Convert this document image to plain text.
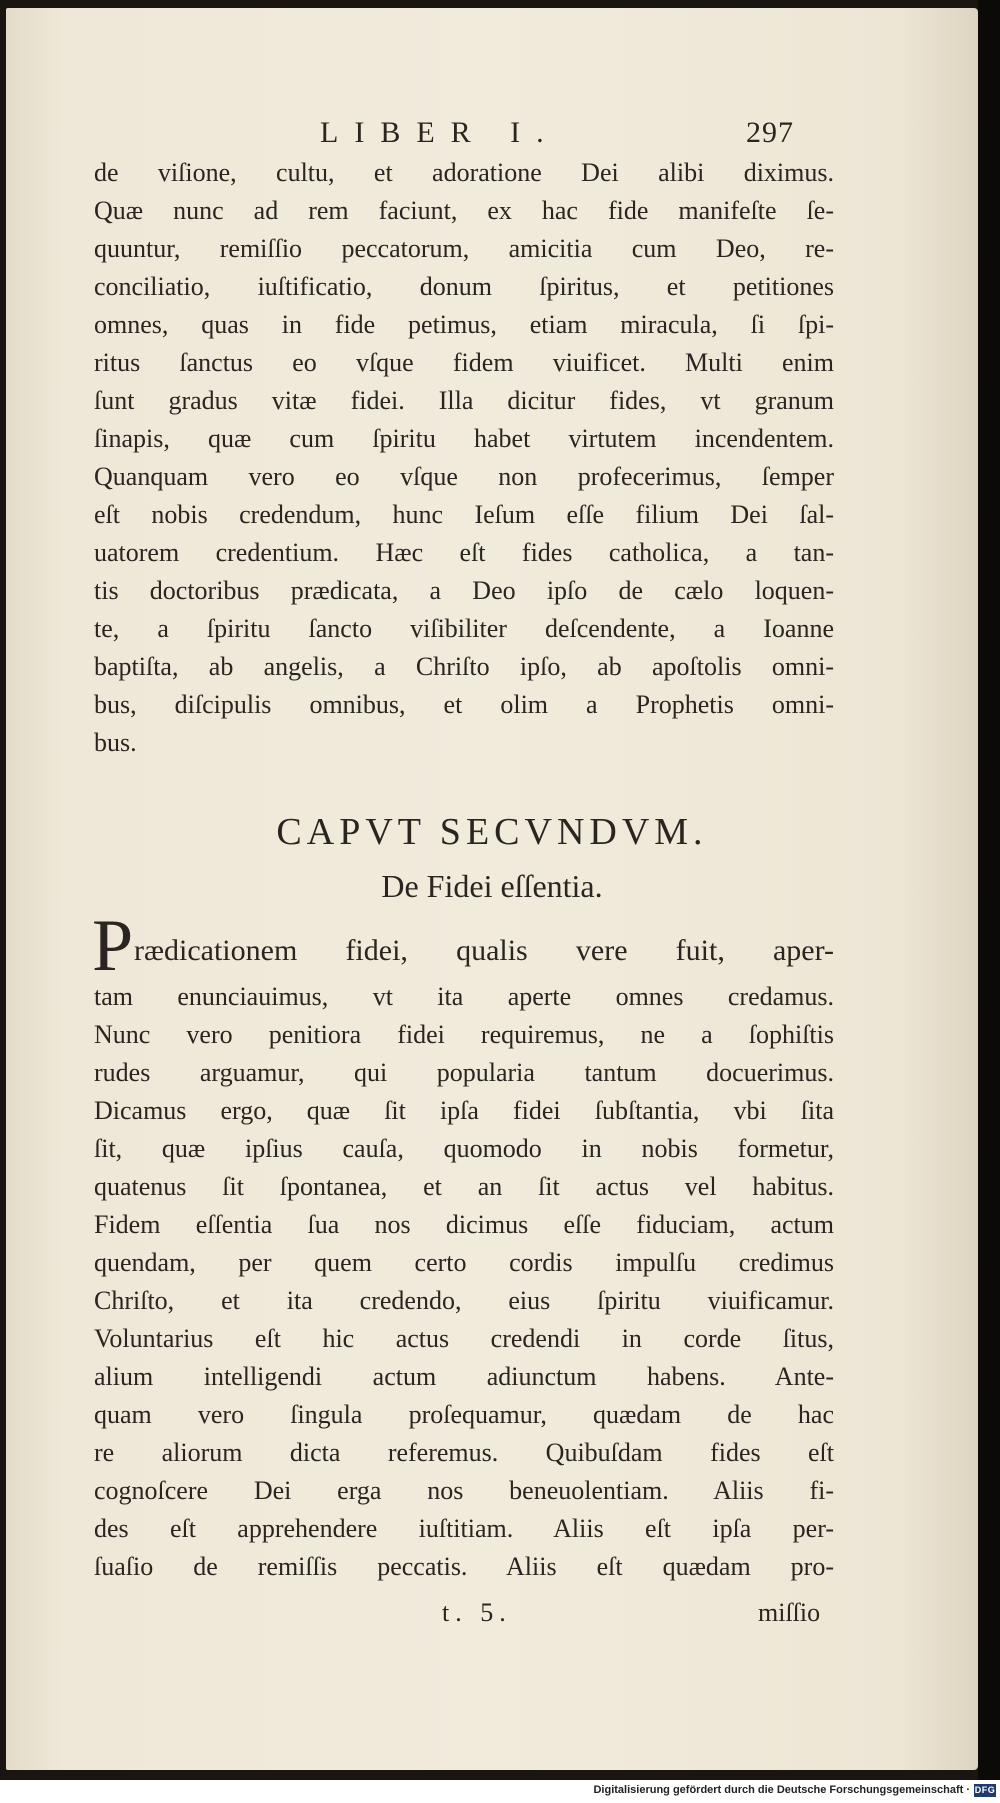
LIBER I.	297
de viſione, cultu, et adoratione Dei alibi diximus.
Quæ nunc ad rem faciunt, ex hac fide manifeſte ſe-
quuntur, remiſſio peccatorum, amicitia cum Deo, re-
conciliatio, iuſtificatio, donum ſpiritus, et petitiones
omnes, quas in fide petimus, etiam miracula, ſi ſpi-
ritus ſanctus eo vſque fidem viuificet. Multi enim
ſunt gradus vitæ fidei. Illa dicitur fides, vt granum
ſinapis, quæ cum ſpiritu habet virtutem incendentem.
Quanquam vero eo vſque non profecerimus, ſemper
eſt nobis credendum, hunc Ieſum eſſe filium Dei ſal-
uatorem credentium. Hæc eſt fides catholica, a tan-
tis doctoribus prædicata, a Deo ipſo de cælo loquen-
te, a ſpiritu ſancto viſibiliter deſcendente, a Ioanne
baptiſta, ab angelis, a Chriſto ipſo, ab apoſtolis omni-
bus, diſcipulis omnibus, et olim a Prophetis omni-
bus.
CAPVT SECVNDVM.
De Fidei eſſentia.
P rædicationem fidei, qualis vere fuit, aper-
tam enunciauimus, vt ita aperte omnes credamus.
Nunc vero penitiora fidei requiremus, ne a ſophiſtis
rudes arguamur, qui popularia tantum docuerimus.
Dicamus ergo, quæ ſit ipſa fidei ſubſtantia, vbi ſita
ſit, quæ ipſius cauſa, quomodo in nobis formetur,
quatenus ſit ſpontanea, et an ſit actus vel habitus.
Fidem eſſentia ſua nos dicimus eſſe fiduciam, actum
quendam, per quem certo cordis impulſu credimus
Chriſto, et ita credendo, eius ſpiritu viuificamur.
Voluntarius eſt hic actus credendi in corde ſitus,
alium intelligendi actum adiunctum habens. Ante-
quam vero ſingula proſequamur, quædam de hac
re aliorum dicta referemus. Quibuſdam fides eſt
cognoſcere Dei erga nos beneuolentiam. Aliis fi-
des eſt apprehendere iuſtitiam. Aliis eſt ipſa per-
ſuaſio de remiſſis peccatis. Aliis eſt quædam pro-
t. 5.	miſſio
Digitalisierung gefördert durch die Deutsche Forschungsgemeinschaft · DFG
